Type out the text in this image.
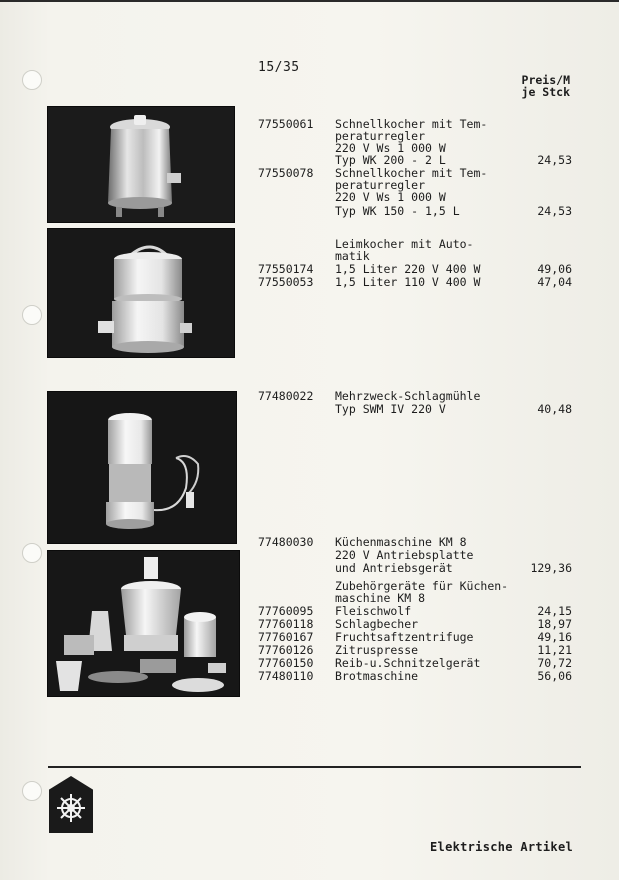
15/35
Preis/M
je Stck
77550061 Schnellkocher mit Tem-
peraturregler
220 V Ws 1 000 W
Typ WK 200 - 2 L	24,53
77550078 Schnellkocher mit Tem-
peraturregler
220 V Ws 1 000 W
Typ WK 150 - 1,5 L	24,53
Leimkocher mit Auto-
matik
77550174 1,5 Liter 220 V 400 W	49,06
77550053 1,5 Liter 110 V 400 W	47,04
77480022 Mehrzweck-Schlagmühle
Typ SWM IV 220 V	40,48
77480030 Küchenmaschine KM 8
220 V Antriebsplatte
und Antriebsgerät	129,36
Zubehörgeräte für Küchen-
maschine KM 8
77760095 Fleischwolf	24,15
77760118 Schlagbecher	18,97
77760167 Fruchtsaftzentrifuge	49,16
77760126 Zitruspresse	11,21
77760150 Reib-u.Schnitzelgerät	70,72
77480110 Brotmaschine	56,06
Elektrische Artikel
